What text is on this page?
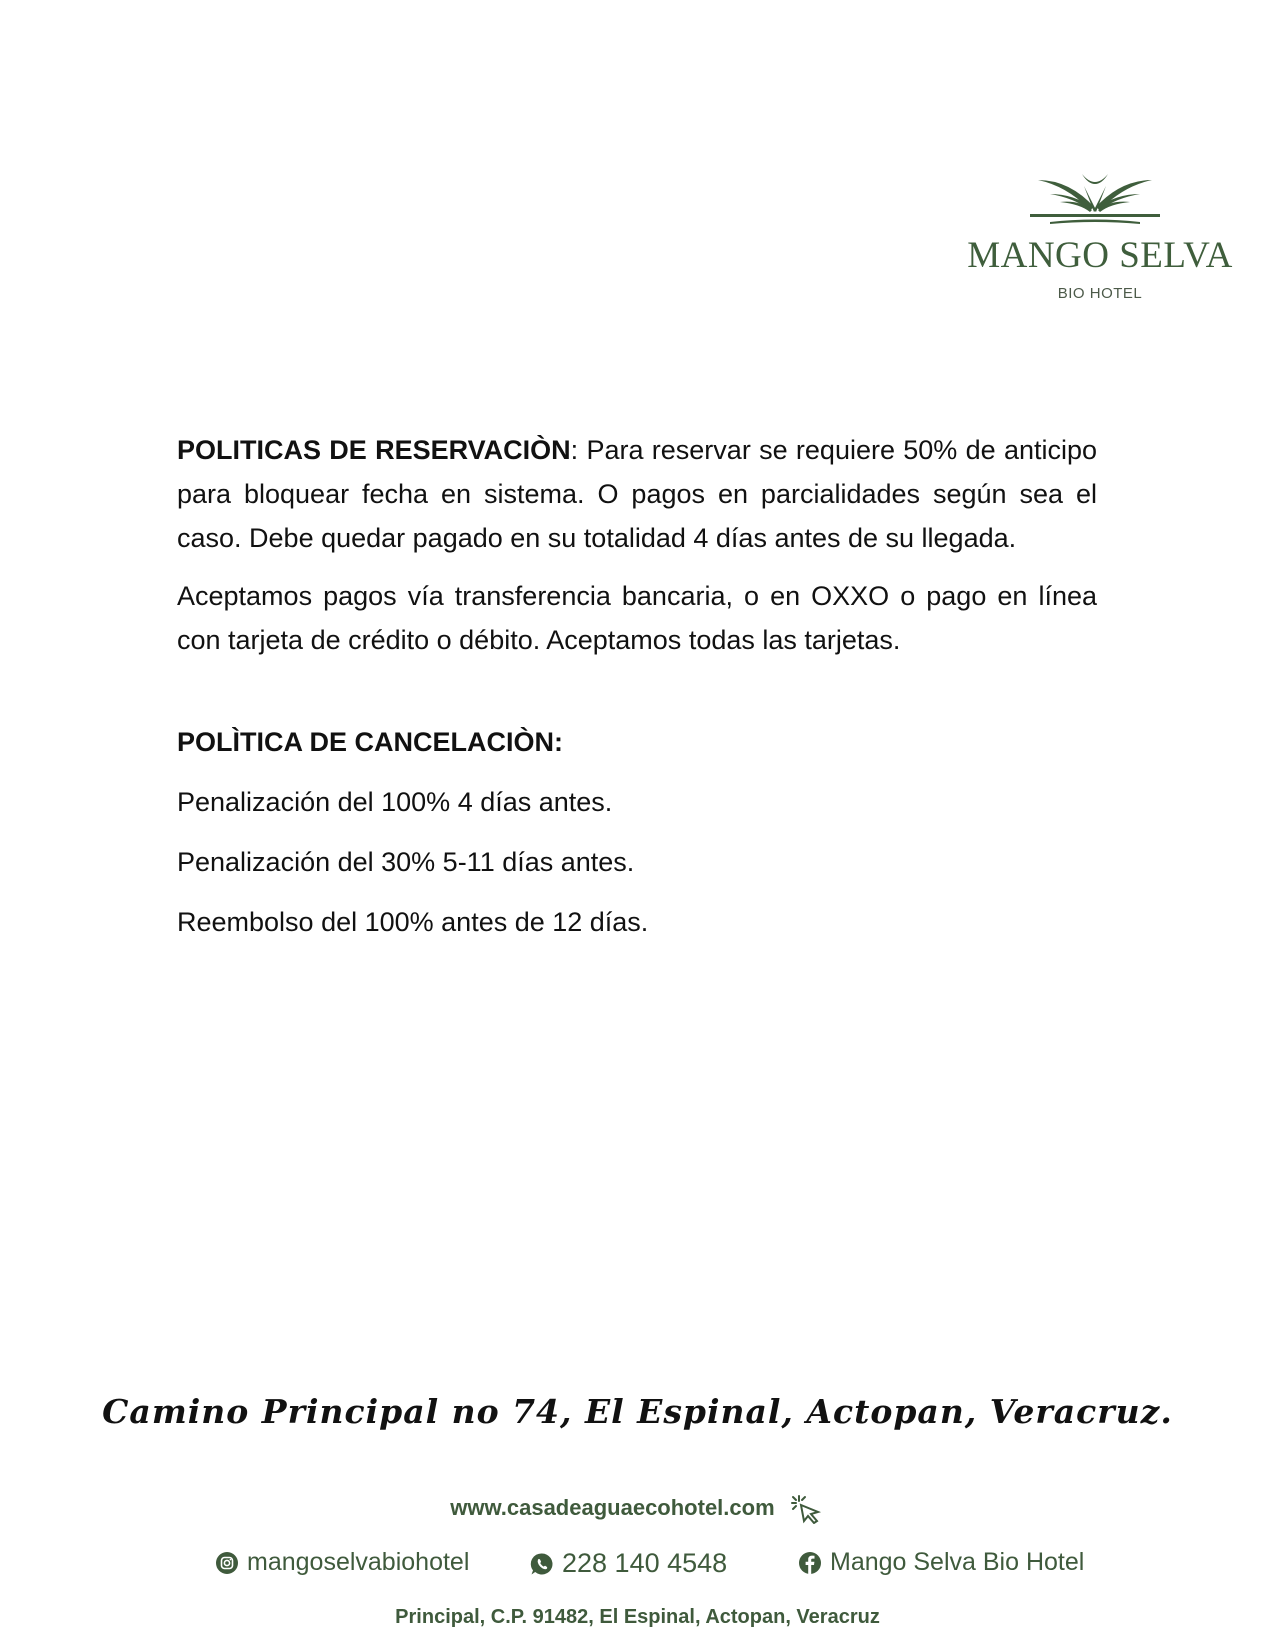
MANGO SELVA
BIO HOTEL

POLITICAS DE RESERVACIÒN: Para reservar se requiere 50% de anticipo para bloquear fecha en sistema. O pagos en parcialidades según sea el caso. Debe quedar pagado en su totalidad 4 días antes de su llegada.

Aceptamos pagos vía transferencia bancaria, o en OXXO o pago en línea con tarjeta de crédito o débito. Aceptamos todas las tarjetas.

POLÌTICA DE CANCELACIÒN:
Penalización del 100% 4 días antes.
Penalización del 30% 5-11 días antes.
Reembolso del 100% antes de 12 días.
Camino Principal no 74, El Espinal, Actopan, Veracruz.
www.casadeaguaecohotel.com
mangoselvabiohotel	228 140 4548	Mango Selva Bio Hotel
Principal, C.P. 91482, El Espinal, Actopan, Veracruz
